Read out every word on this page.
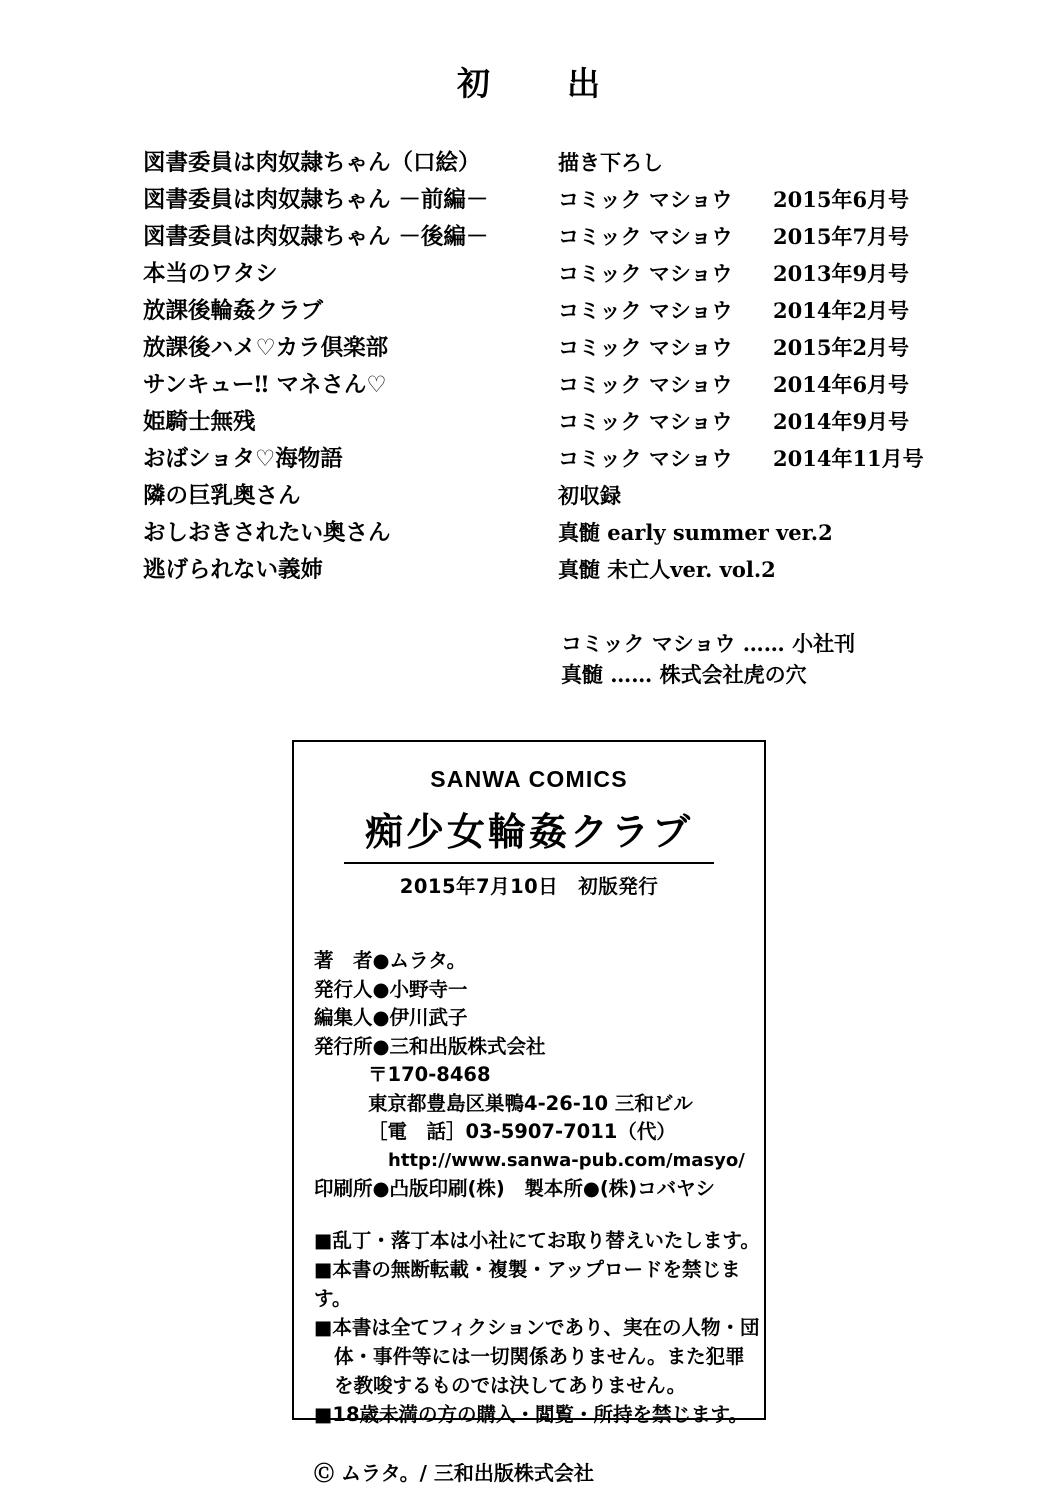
初　出
図書委員は肉奴隷ちゃん（口絵）	描き下ろし
図書委員は肉奴隷ちゃん －前編－	コミック マショウ	2015年6月号
図書委員は肉奴隷ちゃん －後編－	コミック マショウ	2015年7月号
本当のワタシ	コミック マショウ	2013年9月号
放課後輪姦クラブ	コミック マショウ	2014年2月号
放課後ハメ♡カラ倶楽部	コミック マショウ	2015年2月号
サンキュー‼ マネさん♡	コミック マショウ	2014年6月号
姫騎士無残	コミック マショウ	2014年9月号
おばショタ♡海物語	コミック マショウ	2014年11月号
隣の巨乳奥さん	初収録
おしおきされたい奥さん	真髄 early summer ver.2
逃げられない義姉	真髄 未亡人ver. vol.2
コミック マショウ …… 小社刊
真髄 …… 株式会社虎の穴
SANWA COMICS
痴少女輪姦クラブ
2015年7月10日　初版発行
著　者●ムラタ。
発行人●小野寺一
編集人●伊川武子
発行所●三和出版株式会社
〒170-8468
東京都豊島区巣鴨4-26-10 三和ビル
［電　話］03-5907-7011（代）
http://www.sanwa-pub.com/masyo/
印刷所●凸版印刷(株)　製本所●(株)コバヤシ
■乱丁・落丁本は小社にてお取り替えいたします。
■本書の無断転載・複製・アップロードを禁じます。
■本書は全てフィクションであり、実在の人物・団
体・事件等には一切関係ありません。また犯罪
を教唆するものでは決してありません。
■18歳未満の方の購入・閲覧・所持を禁じます。
Ⓒ ムラタ。/ 三和出版株式会社
